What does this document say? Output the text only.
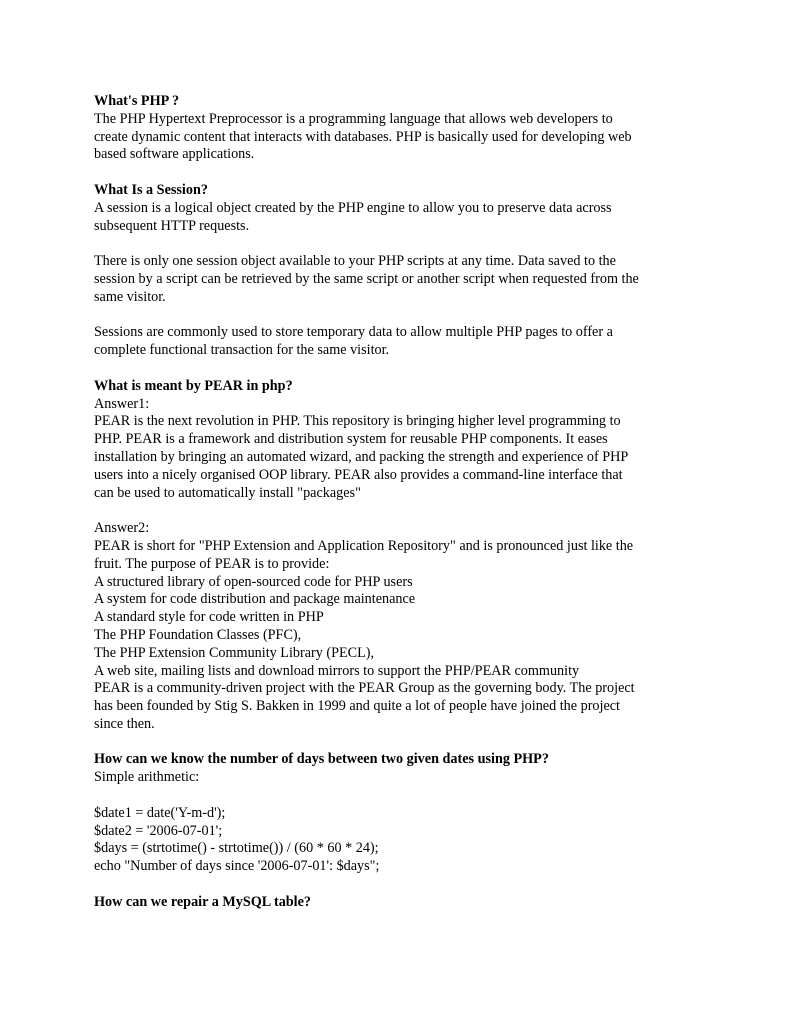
What's PHP ?
The PHP Hypertext Preprocessor is a programming language that allows web developers to
create dynamic content that interacts with databases. PHP is basically used for developing web
based software applications.
What Is a Session?
A session is a logical object created by the PHP engine to allow you to preserve data across
subsequent HTTP requests.
There is only one session object available to your PHP scripts at any time. Data saved to the
session by a script can be retrieved by the same script or another script when requested from the
same visitor.
Sessions are commonly used to store temporary data to allow multiple PHP pages to offer a
complete functional transaction for the same visitor.
What is meant by PEAR in php?
Answer1:
PEAR is the next revolution in PHP. This repository is bringing higher level programming to
PHP. PEAR is a framework and distribution system for reusable PHP components. It eases
installation by bringing an automated wizard, and packing the strength and experience of PHP
users into a nicely organised OOP library. PEAR also provides a command-line interface that
can be used to automatically install "packages"
Answer2:
PEAR is short for "PHP Extension and Application Repository" and is pronounced just like the
fruit. The purpose of PEAR is to provide:
A structured library of open-sourced code for PHP users
A system for code distribution and package maintenance
A standard style for code written in PHP
The PHP Foundation Classes (PFC),
The PHP Extension Community Library (PECL),
A web site, mailing lists and download mirrors to support the PHP/PEAR community
PEAR is a community-driven project with the PEAR Group as the governing body. The project
has been founded by Stig S. Bakken in 1999 and quite a lot of people have joined the project
since then.
How can we know the number of days between two given dates using PHP?
Simple arithmetic:
$date1 = date('Y-m-d');
$date2 = '2006-07-01';
$days = (strtotime() - strtotime()) / (60 * 60 * 24);
echo "Number of days since '2006-07-01': $days";
How can we repair a MySQL table?
